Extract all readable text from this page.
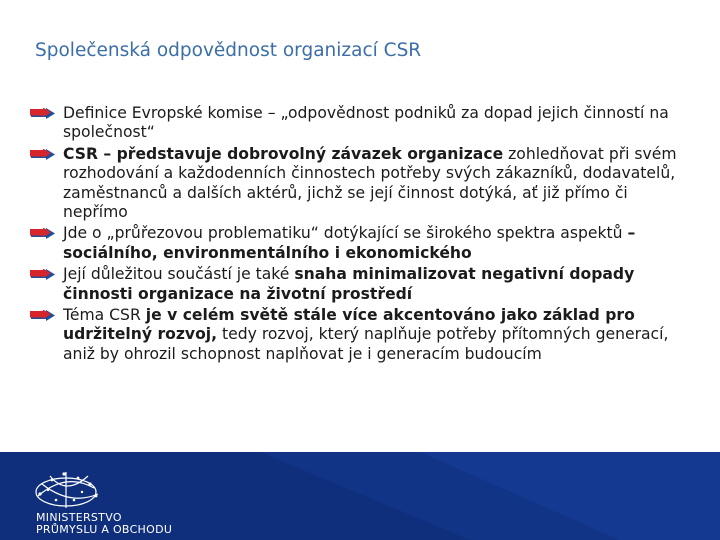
Společenská odpovědnost organizací CSR
Definice Evropské komise – „odpovědnost podniků za dopad jejich činností na společnost“
CSR – představuje dobrovolný závazek organizace zohledňovat při svém rozhodování a každodenních činnostech potřeby svých zákazníků, dodavatelů, zaměstnanců a dalších aktérů, jichž se její činnost dotýká, ať již přímo či nepřímo
Jde o „průřezovou problematiku“ dotýkající se širokého spektra aspektů – sociálního, environmentálního i ekonomického
Její důležitou součástí je také snaha minimalizovat negativní dopady činnosti organizace na životní prostředí
Téma CSR je v celém světě stále více akcentováno jako základ pro udržitelný rozvoj, tedy rozvoj, který naplňuje potřeby přítomných generací, aniž by ohrozil schopnost naplňovat je i generacím budoucím
MINISTERSTVO
PRŮMYSLU A OBCHODU
